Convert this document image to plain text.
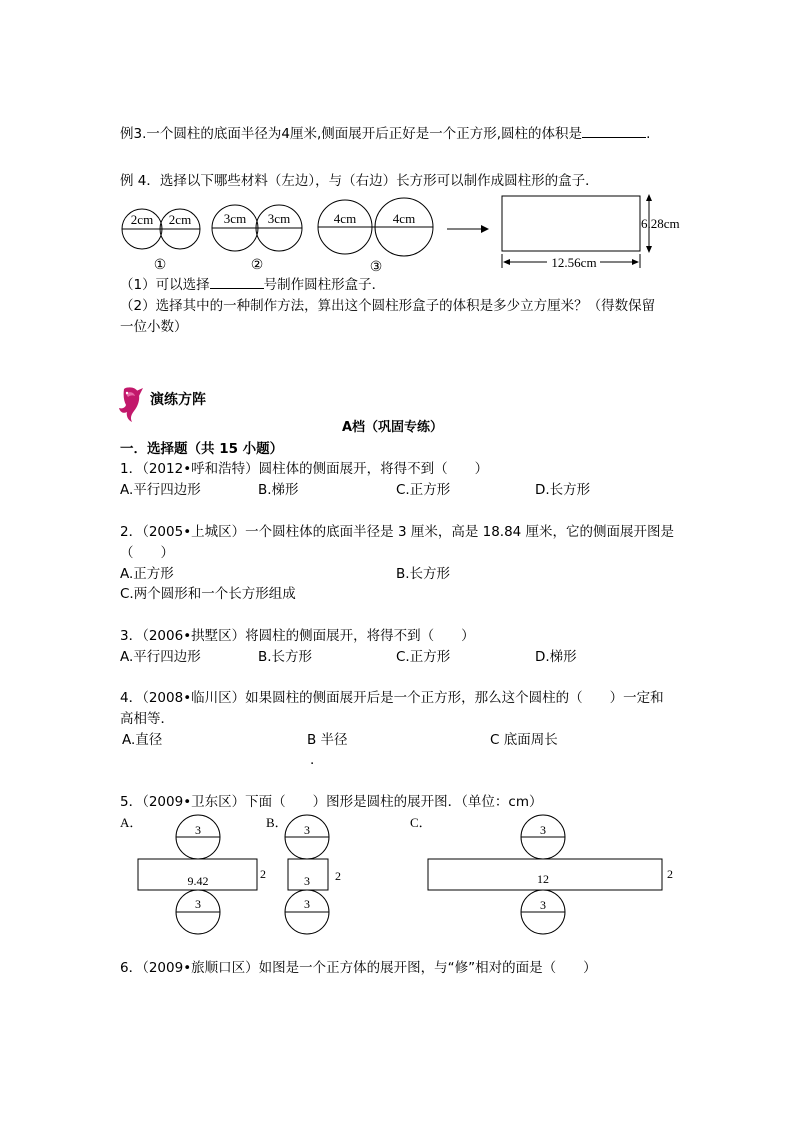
例3.一个圆柱的底面半径为4厘米,侧面展开后正好是一个正方形,圆柱的体积是	.
例 4．选择以下哪些材料（左边），与（右边）长方形可以制作成圆柱形的盒子．
2cm 2cm
①
3cm 3cm
②
4cm	4cm
③
6.28cm
12.56cm
（1）可以选择	号制作圆柱形盒子．
（2）选择其中的一种制作方法，算出这个圆柱形盒子的体积是多少立方厘米？（得数保留
一位小数）
演练方阵
A档（巩固专练）
一．选择题（共 15 小题）
1．（2012•呼和浩特）圆柱体的侧面展开，将得不到（　　）
A.平行四边形	B.梯形	C.正方形	D.长方形
2．（2005•上城区）一个圆柱体的底面半径是 3 厘米，高是 18.84 厘米，它的侧面展开图是
（　　）
A.正方形	B.长方形
C.两个圆形和一个长方形组成
3．（2006•拱墅区）将圆柱的侧面展开，将得不到（　　）
A.平行四边形	B.长方形	C.正方形	D.梯形
4．（2008•临川区）如果圆柱的侧面展开后是一个正方形，那么这个圆柱的（　　）一定和
高相等．
A.直径	B 半径	C 底面周长
.
5．（2009•卫东区）下面（　　）图形是圆柱的展开图．（单位：cm）
A．	3
9.42	2
3
B． 3
3 2
3
C．	3
12	2
3
6．（2009•旅顺口区）如图是一个正方体的展开图，与“修”相对的面是（　　）
